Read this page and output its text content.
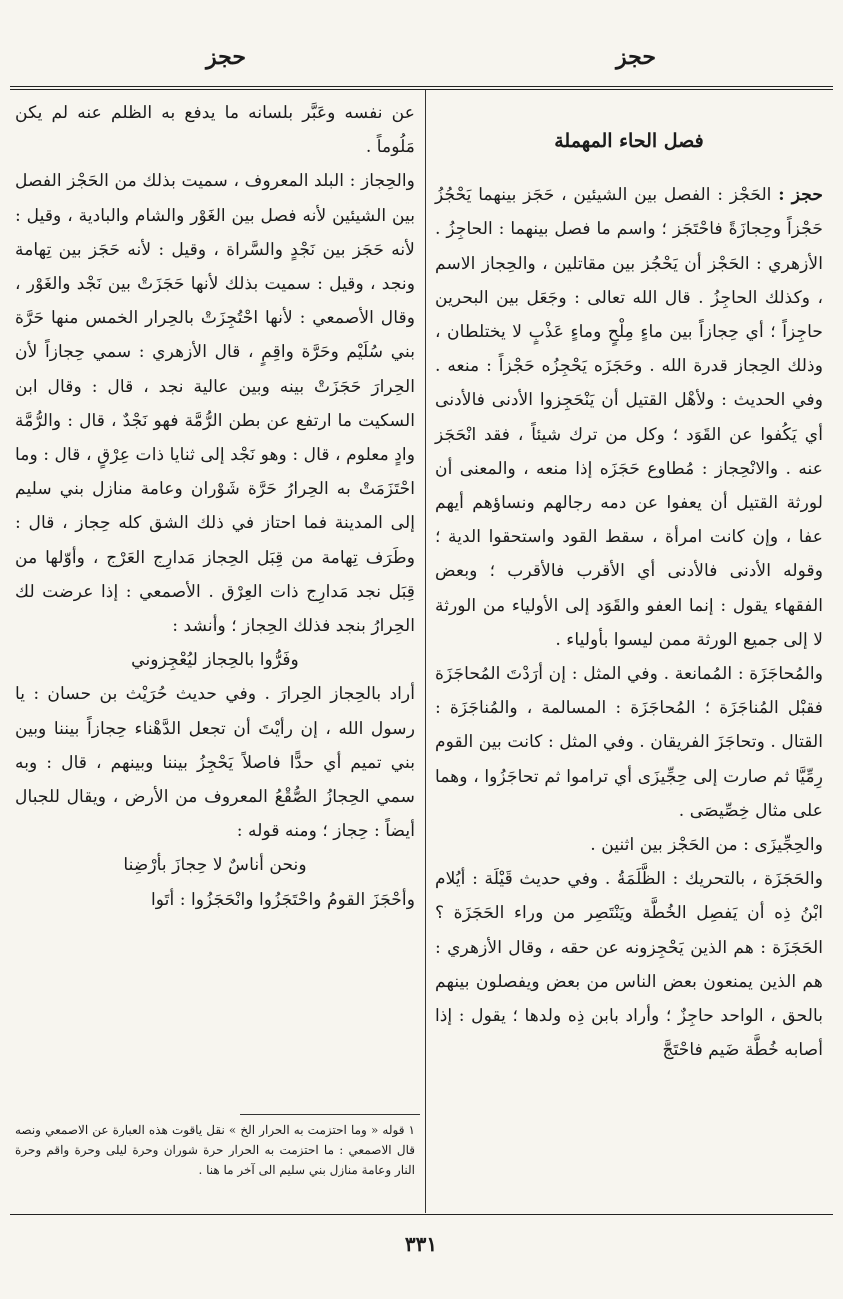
حجز
حجز
فصل الحاء المهملة

حجز : الحَجْز : الفصل بين الشيئين ، حَجَز بينهما يَحْجُزُ حَجْزاً وحِجازَةً فاحْتَجَز ؛ واسم ما فصل بينهما : الحاجِزُ . الأزهري : الحَجْز أن يَحْجُز بين مقاتلين ، والحِجاز الاسم ، وكذلك الحاجِزُ . قال الله تعالى : وجَعَل بين البحرين حاجِزاً ؛ أي حِجازاً بين ماءٍ مِلْحٍ وماءٍ عَذْبٍ لا يختلطان ، وذلك الحِجاز قدرة الله . وحَجَزَه يَحْجِزُه حَجْزاً : منعه . وفي الحديث : ولأهْل القتيل أن يَنْحَجِزوا الأدنى فالأدنى أي يَكُفوا عن القَوَد ؛ وكل من ترك شيئاً ، فقد انْحَجَز عنه . والانْحِجاز : مُطاوع حَجَزَه إذا منعه ، والمعنى أن لورثة القتيل أن يعفوا عن دمه رجالهم ونساؤهم أيهم عفا ، وإن كانت امرأة ، سقط القود واستحقوا الدية ؛ وقوله الأدنى فالأدنى أي الأقرب فالأقرب ؛ وبعض الفقهاء يقول : إنما العفو والقَوَد إلى الأولياء من الورثة لا إلى جميع الورثة ممن ليسوا بأولياء .

والمُحاجَزَة : المُمانعة . وفي المثل : إن أرَدْتَ المُحاجَزَة فقبْل المُناجَزَة ؛ المُحاجَزَة : المسالمة ، والمُناجَزَة : القتال . وتحاجَزَ الفريقان . وفي المثل : كانت بين القوم رِمِّيَّا ثم صارت إلى حِجِّيزَى أي تراموا ثم تحاجَزُوا ، وهما على مثال خِصِّيصَى .

والحِجِّيزَى : من الحَجْز بين اثنين .

والحَجَزَة ، بالتحريك : الظَّلَمَةُ . وفي حديث قَيْلَة : أيُلام ابْنُ ذِه أن يَفصِل الخُطَّة ويَنْتَصِر من وراء الحَجَزَة ؟ الحَجَزَة : هم الذين يَحْجِزونه عن حقه ، وقال الأزهري : هم الذين يمنعون بعض الناس من بعض ويفصلون بينهم بالحق ، الواحد حاجِزٌ ؛ وأراد بابن ذِه ولدها ؛ يقول : إذا أصابه خُطَّة ضَيم فاحْتَجَّ

عن نفسه وعَبَّر بلسانه ما يدفع به الظلم عنه لم يكن مَلُوماً .

والحِجاز : البلد المعروف ، سميت بذلك من الحَجْز الفصل بين الشيئين لأنه فصل بين الغَوْر والشام والبادية ، وقيل : لأنه حَجَز بين نَجْدٍ والسَّراة ، وقيل : لأنه حَجَز بين تِهامة ونجد ، وقيل : سميت بذلك لأنها حَجَزَتْ بين نَجْد والغَوْر ، وقال الأصمعي : لأنها احْتُجِزَتْ بالحِرار الخمس منها حَرَّة بني سُلَيْم وحَرَّة واقِمٍ ، قال الأزهري : سمي حِجازاً لأن الحِرارَ حَجَزَتْ بينه وبين عالية نجد ، قال : وقال ابن السكيت ما ارتفع عن بطن الرُّمَّة فهو نَجْدٌ ، قال : والرُّمَّة وادٍ معلوم ، قال : وهو نَجْد إلى ثنايا ذات عِرْقٍ ، قال : وما احْتَزَمَتْ به الحِرارُ حَرَّة شَوْران وعامة منازل بني سليم إلى المدينة فما احتاز في ذلك الشق كله حِجاز ، قال : وطَرَف تِهامة من قِبَل الحِجاز مَدارِج العَرْج ، وأوّلها من قِبَل نجد مَدارِج ذات العِرْق . الأصمعي : إذا عرضت لك الحِرارُ بنجد فذلك الحِجاز ؛ وأنشد :

وفَرُّوا بالحِجاز ليُعْجِزوني

أراد بالحِجاز الحِرارَ . وفي حديث حُرَيْث بن حسان : يا رسول الله ، إن رأيْتَ أن تجعل الدَّهْناء حِجازاً بيننا وبين بني تميم أي حدًّا فاصلاً يَحْجِزُ بيننا وبينهم ، قال : وبه سمي الحِجازُ الصُّقْعُ المعروف من الأرض ، ويقال للجبال أيضاً : حِجاز ؛ ومنه قوله :

ونحن أناسٌ لا حِجازَ بأرْضِنا

وأحْجَزَ القومُ واحْتَجَزُوا وانْحَجَزُوا : أتَوا

١ قوله « وما احتزمت به الحرار الخ » نقل ياقوت هذه العبارة عن الاصمعي ونصه قال الاصمعي : ما احتزمت به الحرار حرة شوران وحرة ليلى وحرة واقم وحرة النار وعامة منازل بني سليم الى آخر ما هنا .
٣٣١
